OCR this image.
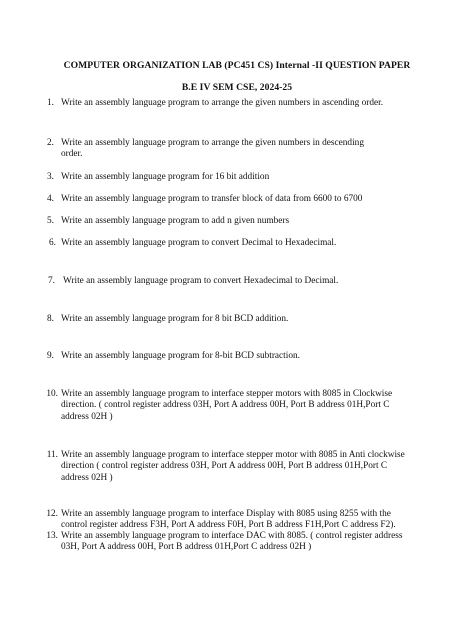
COMPUTER ORGANIZATION LAB (PC451 CS) Internal -II QUESTION PAPER
B.E IV SEM CSE, 2024-25
1. Write an assembly language program to arrange the given numbers in ascending order.
2. Write an assembly language program to arrange the given numbers in descending
order.
3. Write an assembly language program for 16 bit addition
4. Write an assembly language program to transfer block of data from 6600 to 6700
5. Write an assembly language program to add n given numbers
6. Write an assembly language program to convert Decimal to Hexadecimal.
7. Write an assembly language program to convert Hexadecimal to Decimal.
8. Write an assembly language program for 8 bit BCD addition.
9. Write an assembly language program for 8-bit BCD subtraction.
10. Write an assembly language program to interface stepper motors with 8085 in Clockwise
direction. ( control register address 03H, Port A address 00H, Port B address 01H,Port C
address 02H )
11. Write an assembly language program to interface stepper motor with 8085 in Anti clockwise
direction ( control register address 03H, Port A address 00H, Port B address 01H,Port C
address 02H )
12. Write an assembly language program to interface Display with 8085 using 8255 with the
control register address F3H, Port A address F0H, Port B address F1H,Port C address F2).
13. Write an assembly language program to interface DAC with 8085. ( control register address
03H, Port A address 00H, Port B address 01H,Port C address 02H )
